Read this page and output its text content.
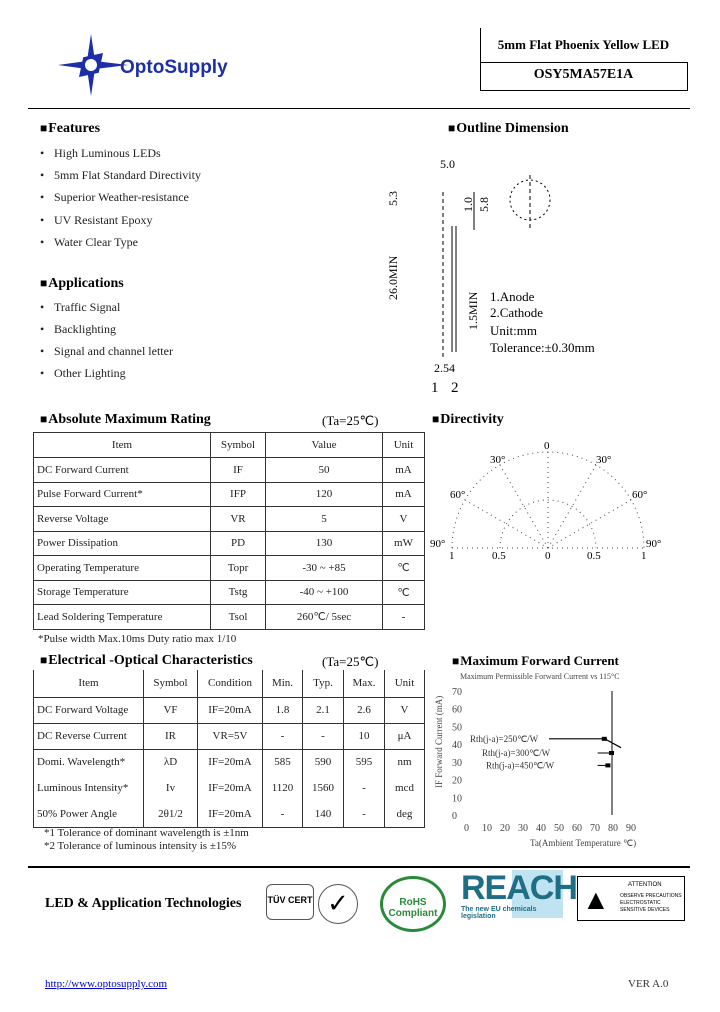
OptoSupply
5mm Flat Phoenix Yellow LED
OSY5MA57E1A
■ Features
• High Luminous LEDs
• 5mm Flat Standard Directivity
• Superior Weather-resistance
• UV Resistant Epoxy
• Water Clear Type
■ Applications
• Traffic Signal
• Backlighting
• Signal and channel letter
• Other Lighting
■ Outline Dimension
5.0
5.3	1.0 5.8
26.0MIN
1.5MIN
2.54
1 2
1.Anode
2.Cathode
Unit:mm
Tolerance:±0.30mm
■ Absolute Maximum Rating	(Ta=25℃)
Item	Symbol	Value	Unit
DC Forward Current	IF	50	mA
Pulse Forward Current*	IFP	120	mA
Reverse Voltage	VR	5	V
Power Dissipation	PD	130	mW
Operating Temperature	Topr	-30 ~ +85	℃
Storage Temperature	Tstg	-40 ~ +100	℃
Lead Soldering Temperature	Tsol	260℃/ 5sec	-
*Pulse width Max.10ms Duty ratio max 1/10
■ Directivity
0
30°	30°
60°	60°
90°	90°
1	0.5	0	0.5	1
■ Electrical -Optical Characteristics	(Ta=25℃)
Item	Symbol	Condition	Min.	Typ.	Max.	Unit
DC Forward Voltage	VF	IF=20mA	1.8	2.1	2.6	V
DC Reverse Current	IR	VR=5V	-	-	10	μA
Domi. Wavelength*	λD	IF=20mA	585	590	595	nm
Luminous Intensity*	Iv	IF=20mA	1120	1560	-	mcd
50% Power Angle	2θ1/2	IF=20mA	-	140	-	deg
*1 Tolerance of dominant wavelength is ±1nm
*2 Tolerance of luminous intensity is ±15%
■ Maximum Forward Current
Maximum Permissible Forward Current vs 115°C
0
10
20
30
40
50
60
70
0 10 20 30 40 50 60 70 80 90
Ta(Ambient Temperature ℃)
IF Forward Current (mA)	Rth(j-a)=250℃/W
Rth(j-a)=300℃/W
Rth(j-a)=450℃/W
LED & Application Technologies	TÜV CERT ✓	RoHS Compliant
REACH
The new EU chemicals legislation
▲	ATTENTION
OBSERVE PRECAUTIONS ELECTROSTATIC SENSITIVE DEVICES
http://www.optosupply.com	VER A.0
